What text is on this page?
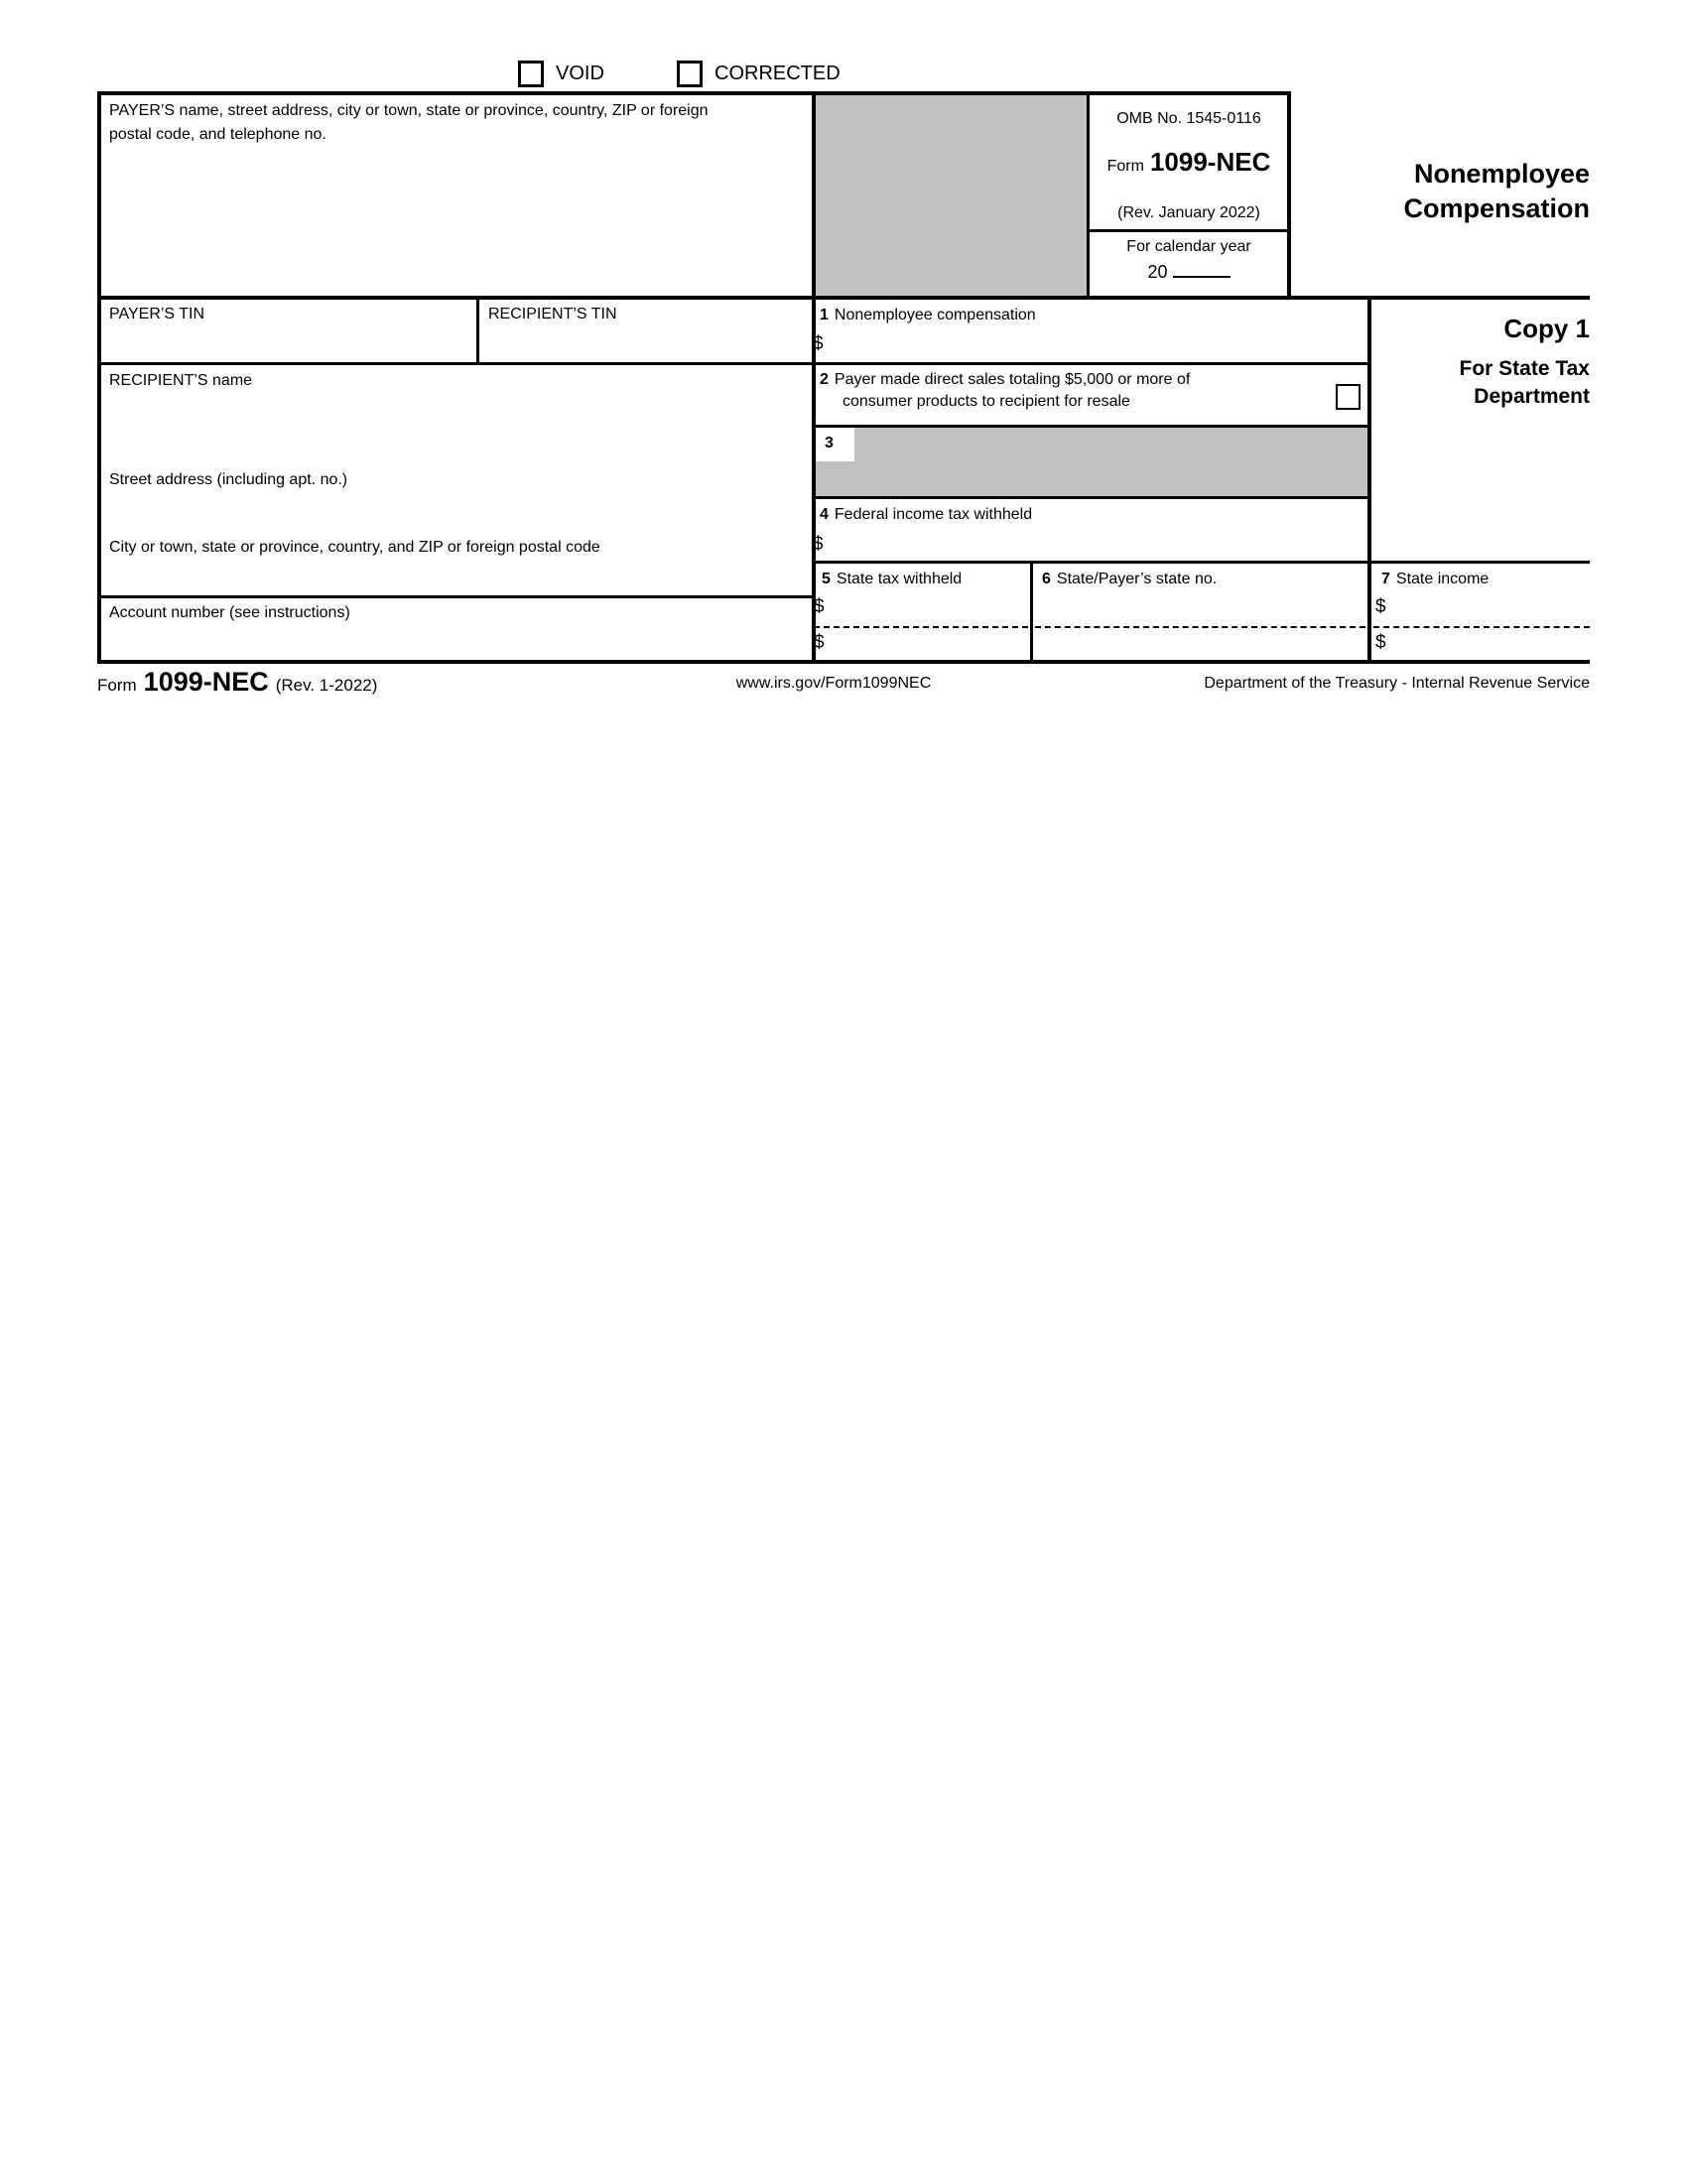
VOID	CORRECTED
PAYER’S name, street address, city or town, state or province, country, ZIP or foreign postal code, and telephone no.
PAYER’S TIN	RECIPIENT’S TIN
RECIPIENT’S name
Street address (including apt. no.)
City or town, state or province, country, and ZIP or foreign postal code
Account number (see instructions)
OMB No. 1545-0116
Form 1099-NEC
(Rev. January 2022)
For calendar year
20
Nonemployee
Compensation
Copy 1
For State Tax
Department
1 Nonemployee compensation
$
2 Payer made direct sales totaling $5,000 or more of
consumer products to recipient for resale
3
4 Federal income tax withheld
$
5 State tax withheld
$
$
6 State/Payer’s state no.	7 State income
$
$
Form 1099-NEC (Rev. 1-2022)	www.irs.gov/Form1099NEC	Department of the Treasury - Internal Revenue Service
